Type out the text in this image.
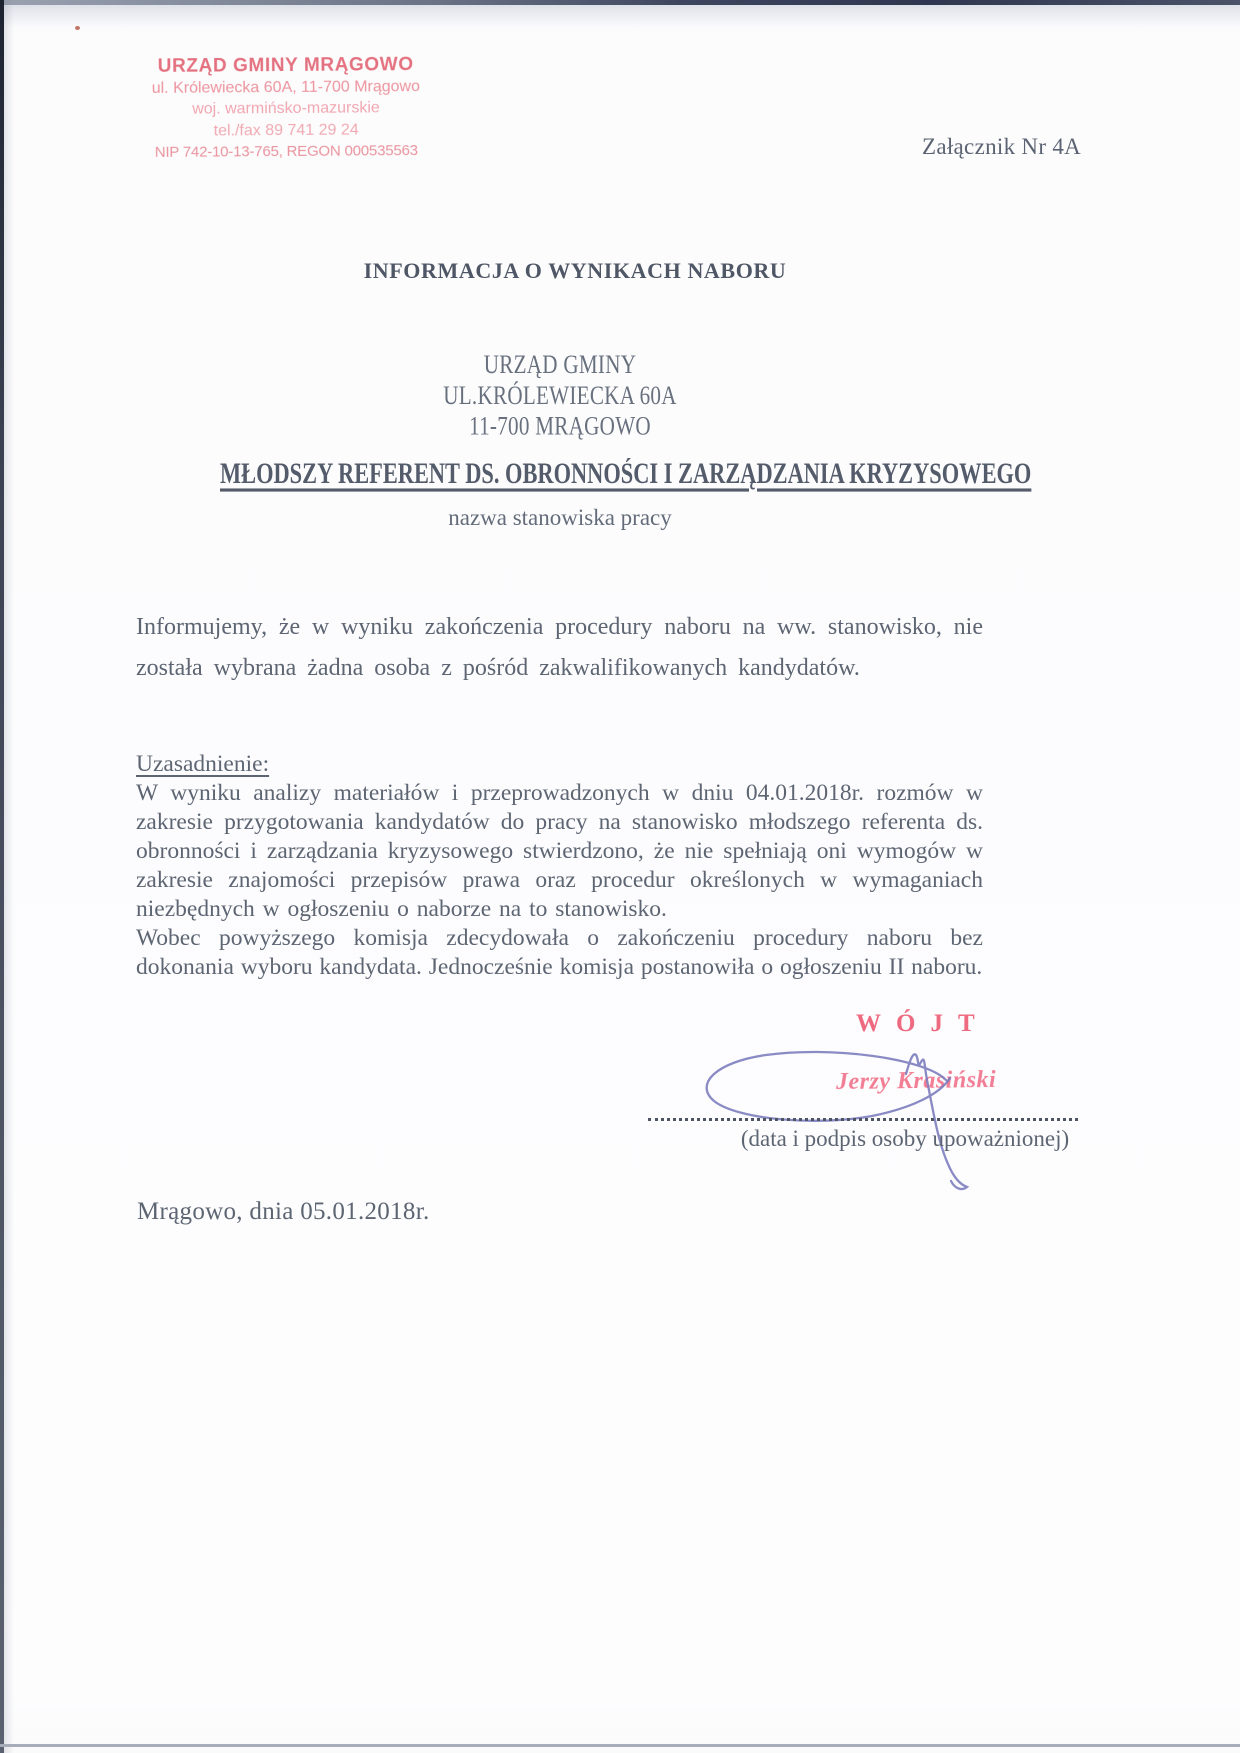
URZĄD GMINY MRĄGOWO
ul. Królewiecka 60A, 11-700 Mrągowo
woj. warmińsko-mazurskie
tel./fax 89 741 29 24
NIP 742-10-13-765, REGON 000535563	Załącznik Nr 4A
INFORMACJA O WYNIKACH NABORU
URZĄD GMINY
UL.KRÓLEWIECKA 60A
11-700 MRĄGOWO
MŁODSZY REFERENT DS. OBRONNOŚCI I ZARZĄDZANIA KRYZYSOWEGO
nazwa stanowiska pracy
Informujemy, że w wyniku zakończenia procedury naboru na ww. stanowisko, nie została wybrana żadna osoba z pośród zakwalifikowanych kandydatów.
Uzasadnienie:

W wyniku analizy materiałów i przeprowadzonych w dniu 04.01.2018r. rozmów w zakresie przygotowania kandydatów do pracy na stanowisko młodszego referenta ds. obronności i zarządzania kryzysowego stwierdzono, że nie spełniają oni wymogów w zakresie znajomości przepisów prawa oraz procedur określonych w wymaganiach niezbędnych w ogłoszeniu o naborze na to stanowisko.

Wobec powyższego komisja zdecydowała o zakończeniu procedury naboru bez dokonania wyboru kandydata. Jednocześnie komisja postanowiła o ogłoszeniu II naboru.

WÓJT
Jerzy Krasiński
(data i podpis osoby upoważnionej)
Mrągowo, dnia 05.01.2018r.
